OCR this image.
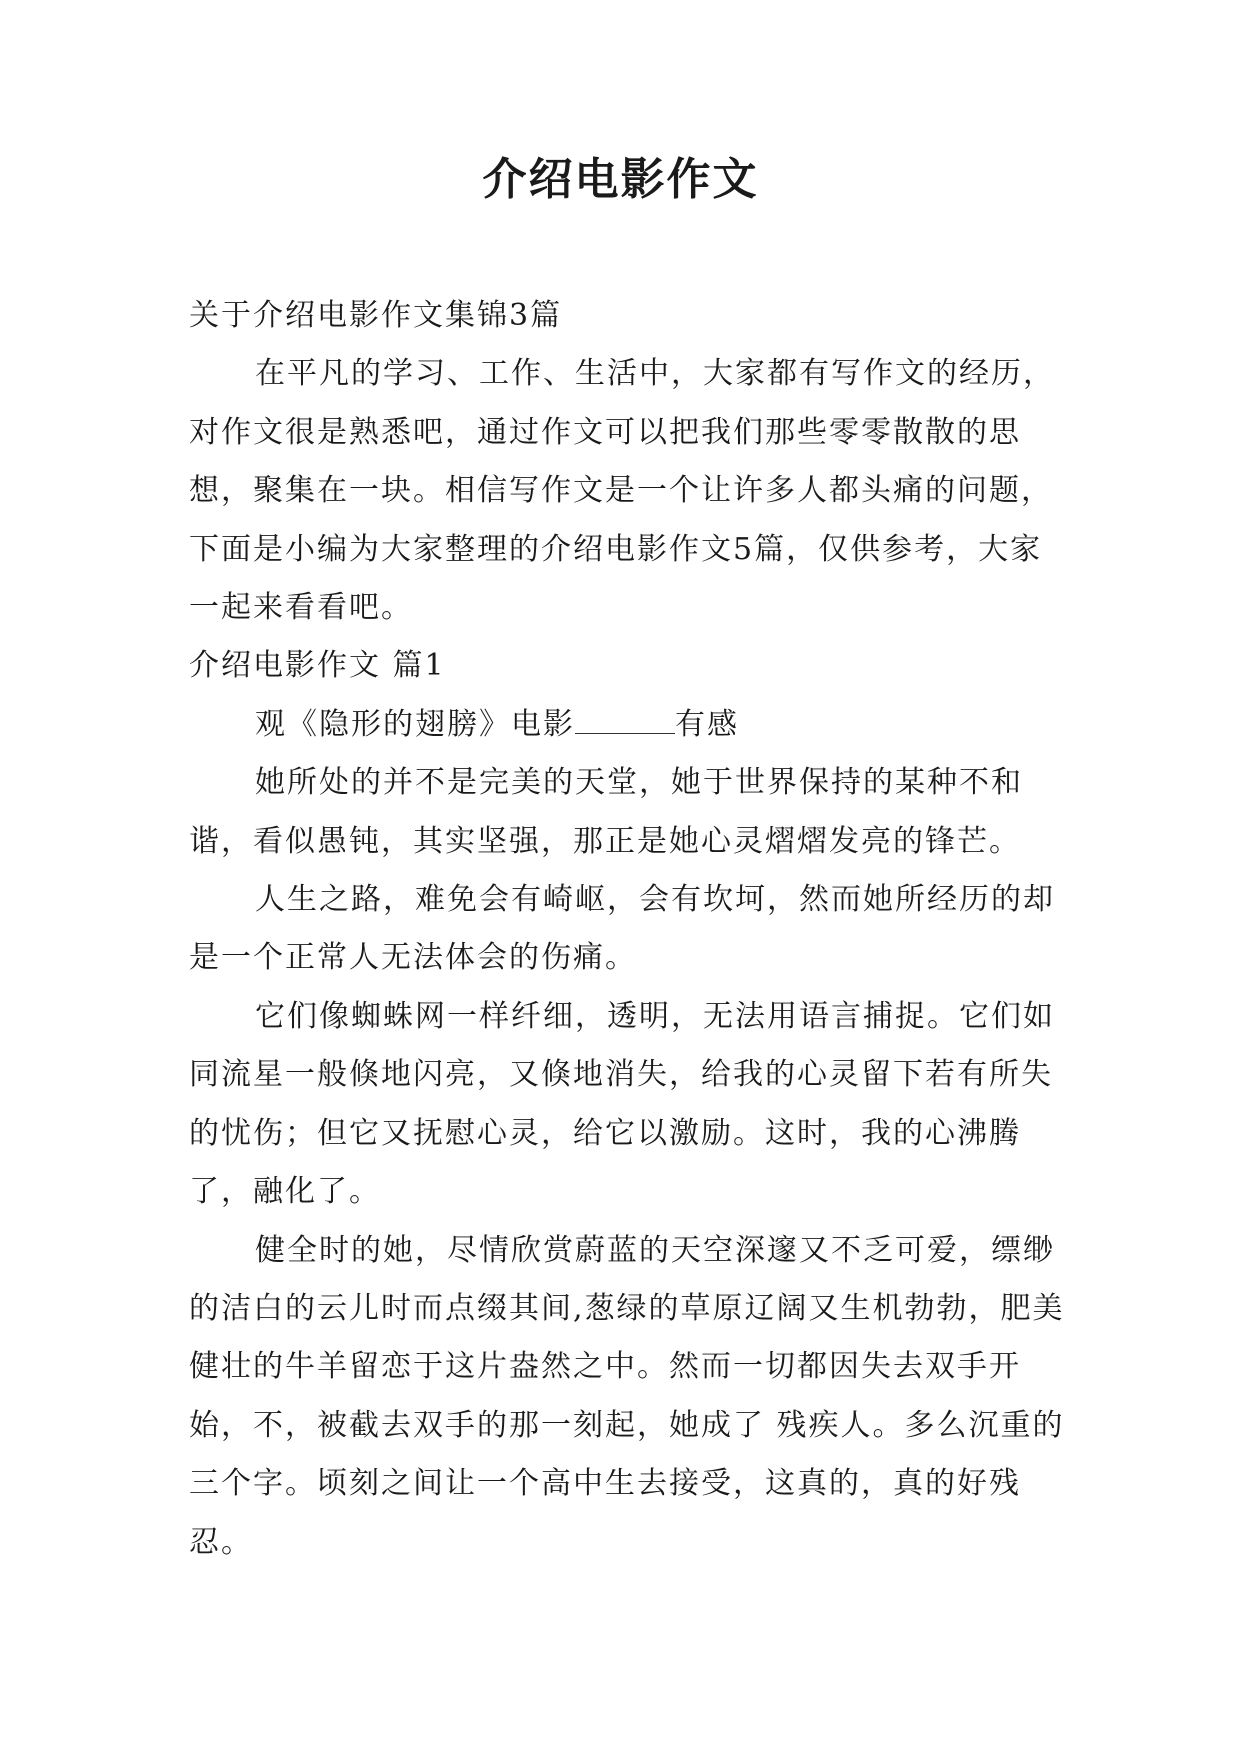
介绍电影作文

关于介绍电影作文集锦3篇

在平凡的学习、工作、生活中，大家都有写作文的经历，对作文很是熟悉吧，通过作文可以把我们那些零零散散的思想，聚集在一块。相信写作文是一个让许多人都头痛的问题，下面是小编为大家整理的介绍电影作文5篇，仅供参考，大家一起来看看吧。

介绍电影作文 篇1

观《隐形的翅膀》电影	有感

她所处的并不是完美的天堂，她于世界保持的某种不和谐，看似愚钝，其实坚强，那正是她心灵熠熠发亮的锋芒。

人生之路，难免会有崎岖，会有坎坷，然而她所经历的却是一个正常人无法体会的伤痛。

它们像蜘蛛网一样纤细，透明，无法用语言捕捉。它们如同流星一般倏地闪亮，又倏地消失，给我的心灵留下若有所失的忧伤；但它又抚慰心灵，给它以激励。这时，我的心沸腾了，融化了。

健全时的她，尽情欣赏蔚蓝的天空深邃又不乏可爱，缥缈的洁白的云儿时而点缀其间,葱绿的草原辽阔又生机勃勃，肥美健壮的牛羊留恋于这片盎然之中。然而一切都因失去双手开始，不，被截去双手的那一刻起，她成了 残疾人。多么沉重的三个字。顷刻之间让一个高中生去接受，这真的，真的好残忍。
